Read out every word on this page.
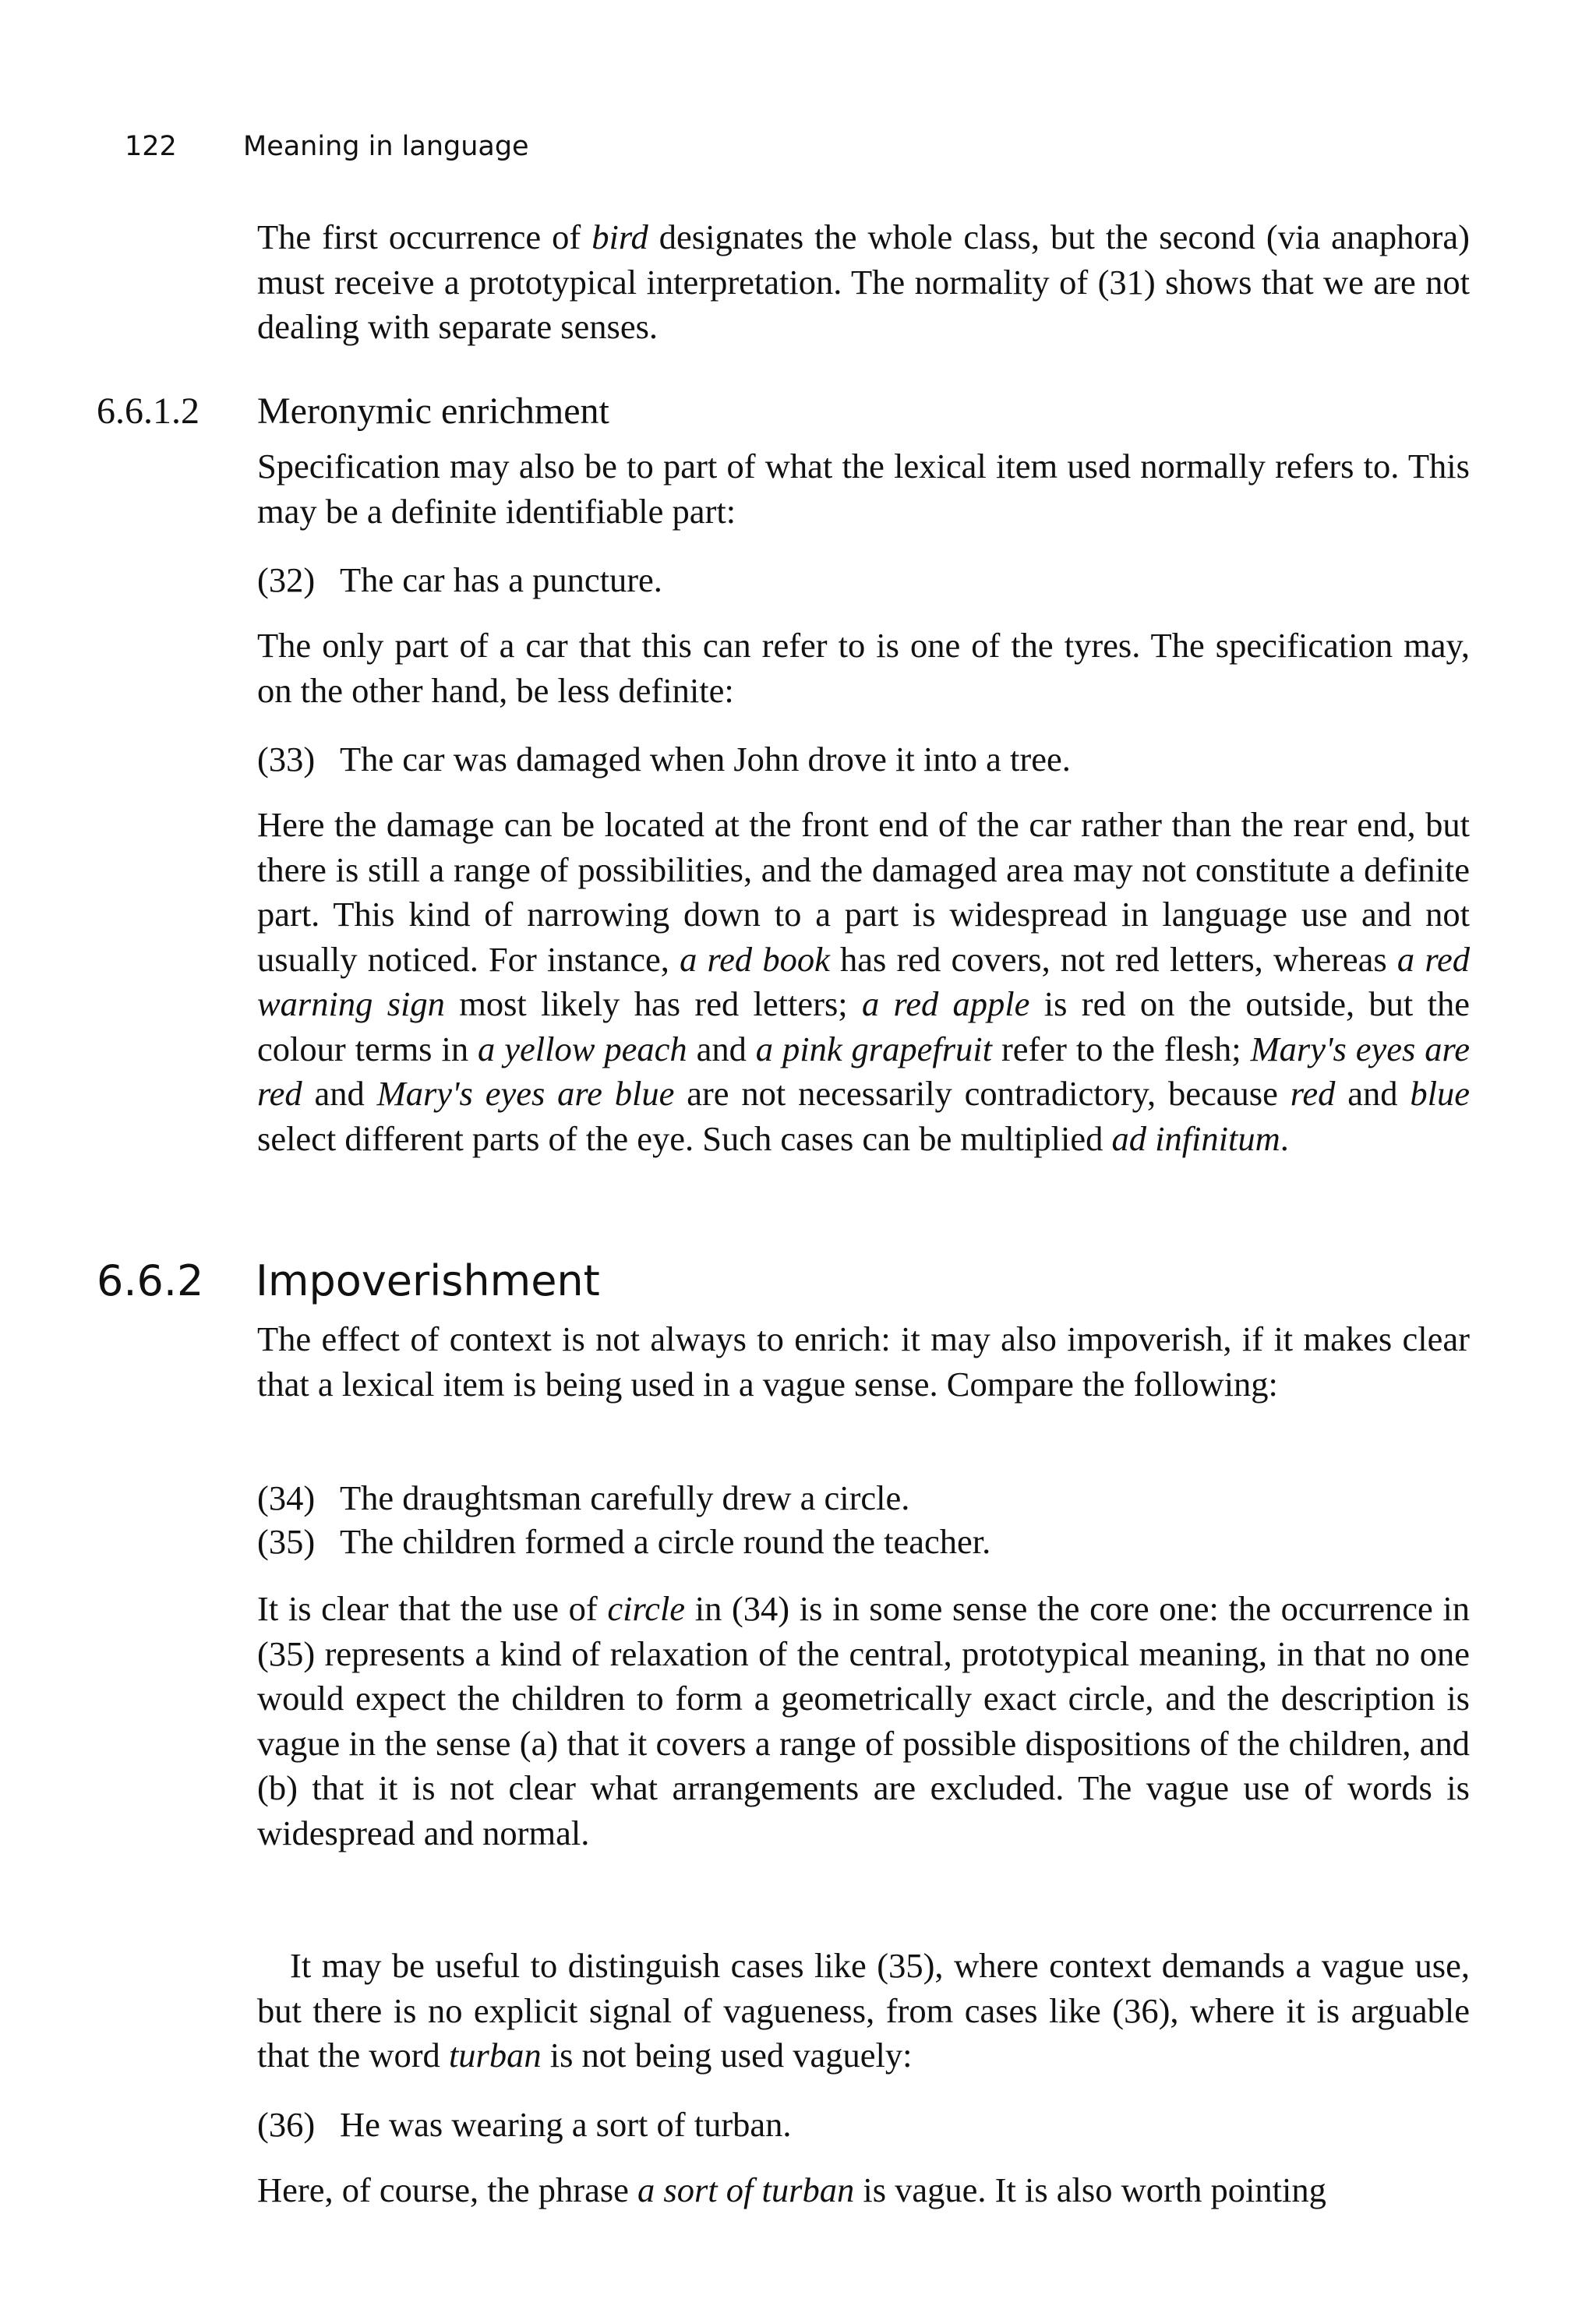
122 Meaning in language

The first occurrence of bird designates the whole class, but the second (via anaphora) must receive a prototypical interpretation. The normality of (31) shows that we are not dealing with separate senses.

6.6.1.2 Meronymic enrichment

Specification may also be to part of what the lexical item used normally refers to. This may be a definite identifiable part:

(32) The car has a puncture.

The only part of a car that this can refer to is one of the tyres. The specification may, on the other hand, be less definite:

(33) The car was damaged when John drove it into a tree.

Here the damage can be located at the front end of the car rather than the rear end, but there is still a range of possibilities, and the damaged area may not constitute a definite part. This kind of narrowing down to a part is widespread in language use and not usually noticed. For instance, a red book has red covers, not red letters, whereas a red warning sign most likely has red letters; a red apple is red on the outside, but the colour terms in a yellow peach and a pink grapefruit refer to the flesh; Mary's eyes are red and Mary's eyes are blue are not necessarily contradictory, because red and blue select different parts of the eye. Such cases can be multiplied ad infinitum.

6.6.2 Impoverishment

The effect of context is not always to enrich: it may also impoverish, if it makes clear that a lexical item is being used in a vague sense. Compare the following:

(34) The draughtsman carefully drew a circle.
(35) The children formed a circle round the teacher.

It is clear that the use of circle in (34) is in some sense the core one: the occurrence in (35) represents a kind of relaxation of the central, prototypical meaning, in that no one would expect the children to form a geometrically exact circle, and the description is vague in the sense (a) that it covers a range of possible dispositions of the children, and (b) that it is not clear what arrangements are excluded. The vague use of words is widespread and normal.

It may be useful to distinguish cases like (35), where context demands a vague use, but there is no explicit signal of vagueness, from cases like (36), where it is arguable that the word turban is not being used vaguely:

(36) He was wearing a sort of turban.

Here, of course, the phrase a sort of turban is vague. It is also worth pointing
